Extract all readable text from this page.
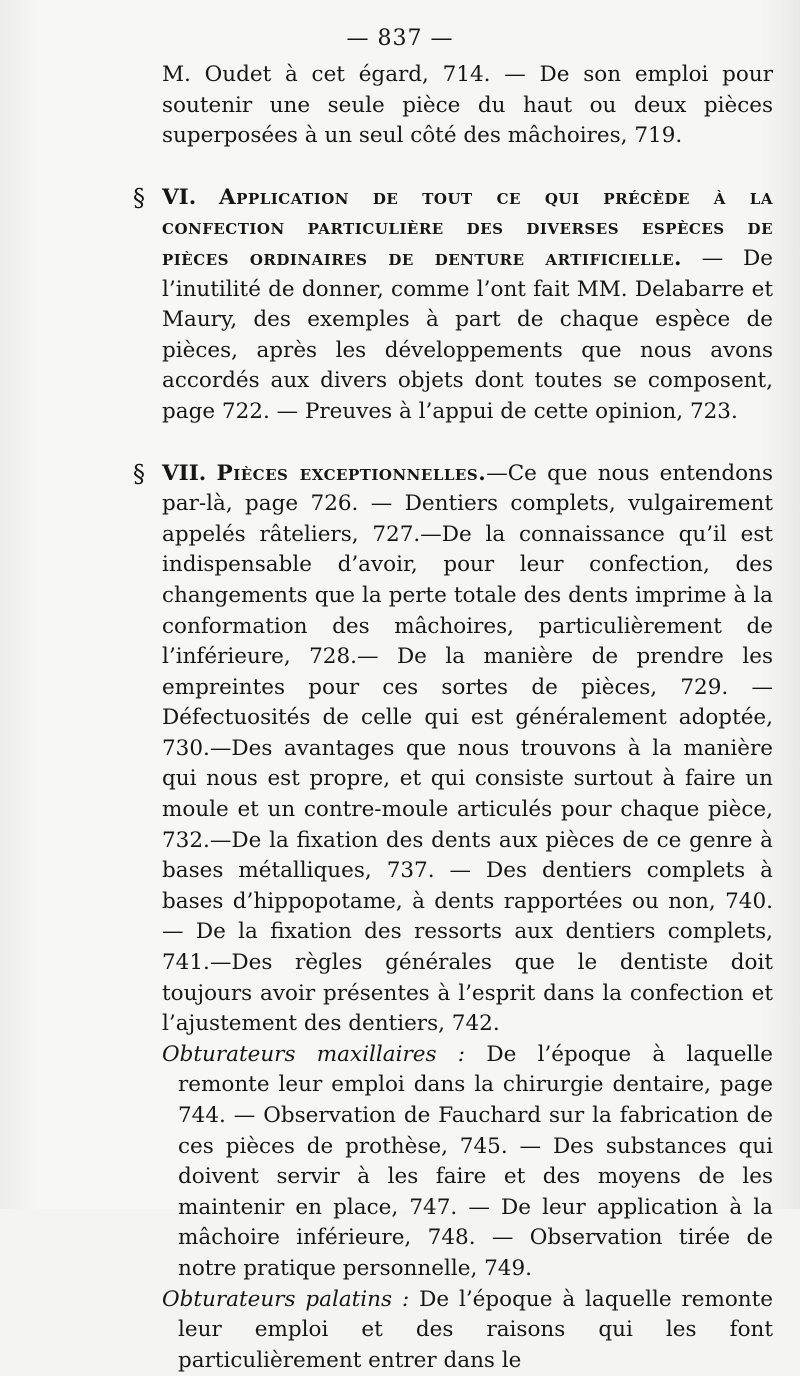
— 837 —

M. Oudet à cet égard, 714. — De son emploi pour soutenir une seule pièce du haut ou deux pièces superposées à un seul côté des mâchoires, 719.

§ VI. Application de tout ce qui précède à la confection particulière des diverses espèces de pièces ordinaires de denture artificielle. — De l’inutilité de donner, comme l’ont fait MM. Delabarre et Maury, des exemples à part de chaque espèce de pièces, après les développements que nous avons accordés aux divers objets dont toutes se composent, page 722. — Preuves à l’appui de cette opinion, 723.

§ VII. Pièces exceptionnelles.—Ce que nous entendons par-là, page 726. — Dentiers complets, vulgairement appelés râteliers, 727.—De la connaissance qu’il est indispensable d’avoir, pour leur confection, des changements que la perte totale des dents imprime à la conformation des mâchoires, particulièrement de l’inférieure, 728.— De la manière de prendre les empreintes pour ces sortes de pièces, 729. — Défectuosités de celle qui est généralement adoptée, 730.—Des avantages que nous trouvons à la manière qui nous est propre, et qui consiste surtout à faire un moule et un contre-moule articulés pour chaque pièce, 732.—De la fixation des dents aux pièces de ce genre à bases métalliques, 737. — Des dentiers complets à bases d’hippopotame, à dents rapportées ou non, 740. — De la fixation des ressorts aux dentiers complets, 741.—Des règles générales que le dentiste doit toujours avoir présentes à l’esprit dans la confection et l’ajustement des dentiers, 742.

Obturateurs maxillaires : De l’époque à laquelle remonte leur emploi dans la chirurgie dentaire, page 744. — Observation de Fauchard sur la fabrication de ces pièces de prothèse, 745. — Des substances qui doivent servir à les faire et des moyens de les maintenir en place, 747. — De leur application à la mâchoire inférieure, 748. — Observation tirée de notre pratique personnelle, 749.

Obturateurs palatins : De l’époque à laquelle remonte leur emploi et des raisons qui les font particulièrement entrer dans le
